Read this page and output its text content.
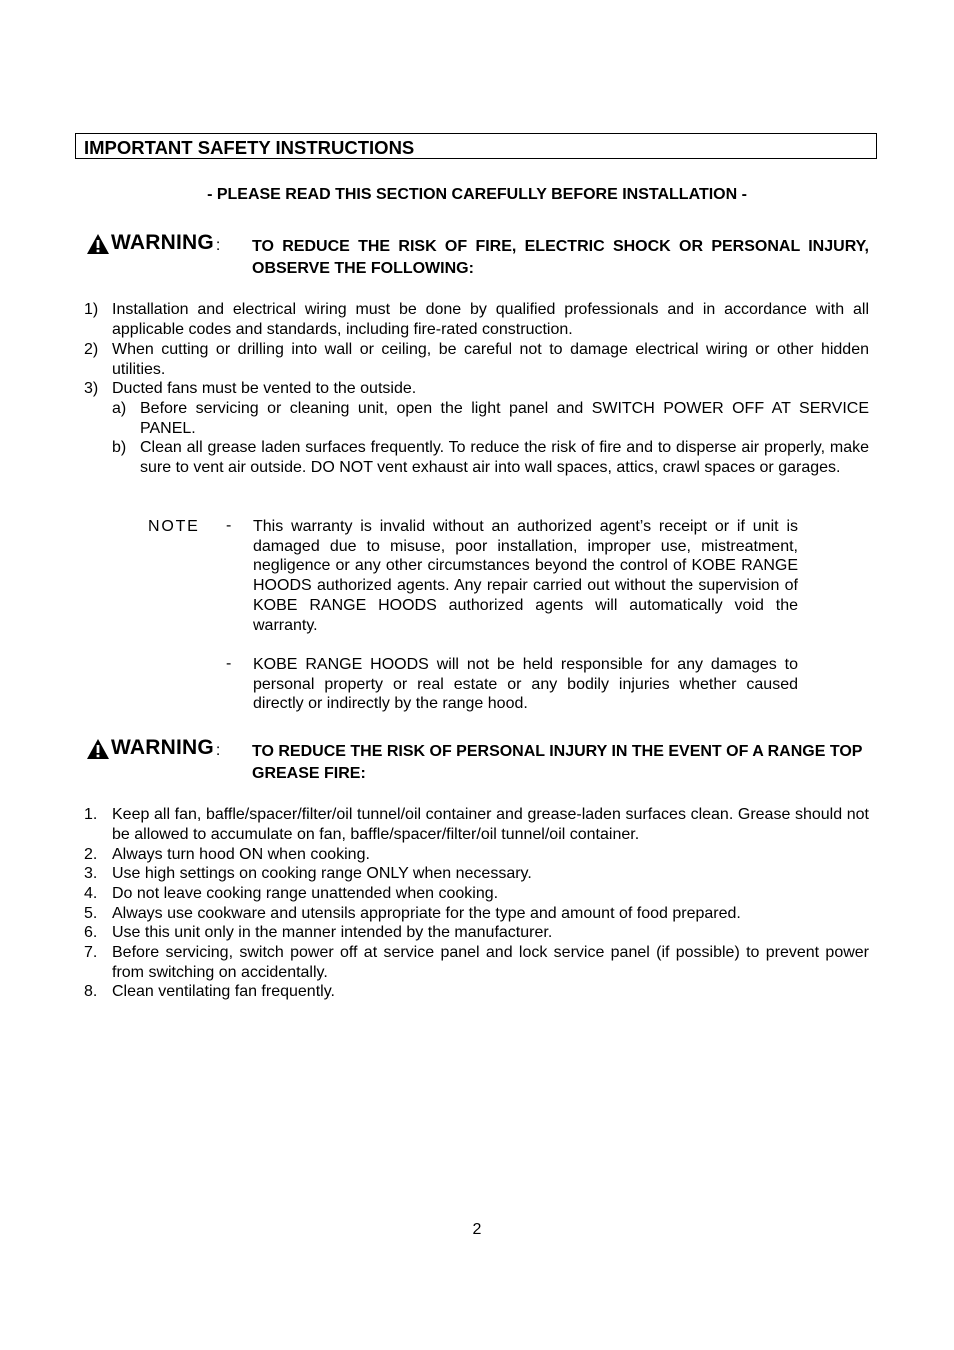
IMPORTANT SAFETY INSTRUCTIONS
- PLEASE READ THIS SECTION CAREFULLY BEFORE INSTALLATION -
WARNING : TO REDUCE THE RISK OF FIRE, ELECTRIC SHOCK OR PERSONAL INJURY, OBSERVE THE FOLLOWING:
1) Installation and electrical wiring must be done by qualified professionals and in accordance with all applicable codes and standards, including fire-rated construction.
2) When cutting or drilling into wall or ceiling, be careful not to damage electrical wiring or other hidden utilities.
3) Ducted fans must be vented to the outside.
a) Before servicing or cleaning unit, open the light panel and SWITCH POWER OFF AT SERVICE PANEL.
b) Clean all grease laden surfaces frequently. To reduce the risk of fire and to disperse air properly, make sure to vent air outside. DO NOT vent exhaust air into wall spaces, attics, crawl spaces or garages.
NOTE - This warranty is invalid without an authorized agent’s receipt or if unit is damaged due to misuse, poor installation, improper use, mistreatment, negligence or any other circumstances beyond the control of KOBE RANGE HOODS authorized agents. Any repair carried out without the supervision of KOBE RANGE HOODS authorized agents will automatically void the warranty.
- KOBE RANGE HOODS will not be held responsible for any damages to personal property or real estate or any bodily injuries whether caused directly or indirectly by the range hood.
WARNING : TO REDUCE THE RISK OF PERSONAL INJURY IN THE EVENT OF A RANGE TOP GREASE FIRE:
1. Keep all fan, baffle/spacer/filter/oil tunnel/oil container and grease-laden surfaces clean. Grease should not be allowed to accumulate on fan, baffle/spacer/filter/oil tunnel/oil container.
2. Always turn hood ON when cooking.
3. Use high settings on cooking range ONLY when necessary.
4. Do not leave cooking range unattended when cooking.
5. Always use cookware and utensils appropriate for the type and amount of food prepared.
6. Use this unit only in the manner intended by the manufacturer.
7. Before servicing, switch power off at service panel and lock service panel (if possible) to prevent power from switching on accidentally.
8. Clean ventilating fan frequently.
2
